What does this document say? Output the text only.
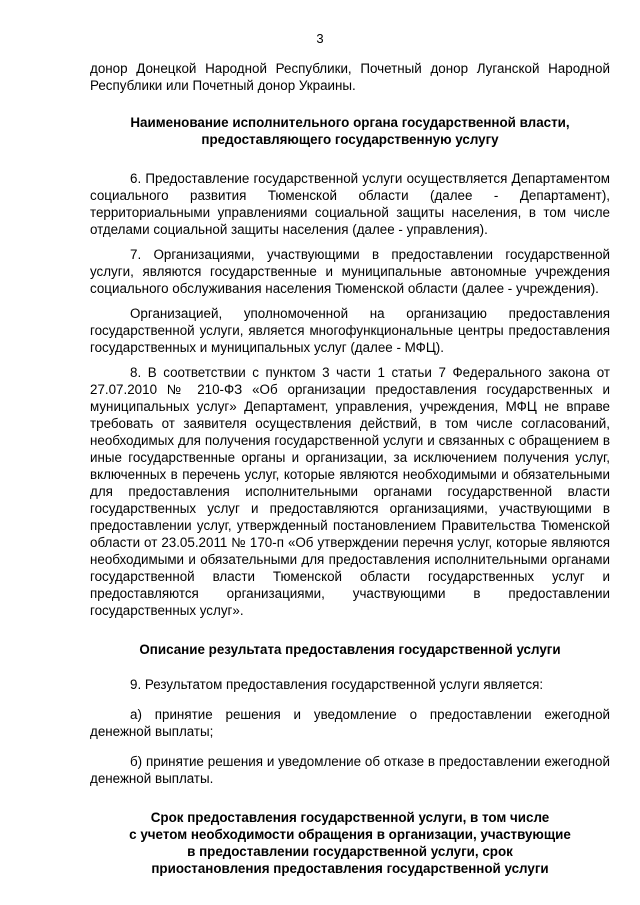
3

донор Донецкой Народной Республики, Почетный донор Луганской Народной Республики или Почетный донор Украины.

Наименование исполнительного органа государственной власти,
предоставляющего государственную услугу

6. Предоставление государственной услуги осуществляется Департаментом социального развития Тюменской области (далее - Департамент), территориальными управлениями социальной защиты населения, в том числе отделами социальной защиты населения (далее - управления).

7. Организациями, участвующими в предоставлении государственной услуги, являются государственные и муниципальные автономные учреждения социального обслуживания населения Тюменской области (далее - учреждения).

Организацией, уполномоченной на организацию предоставления государственной услуги, является многофункциональные центры предоставления государственных и муниципальных услуг (далее - МФЦ).

8. В соответствии с пунктом 3 части 1 статьи 7 Федерального закона от 27.07.2010 № 210-ФЗ «Об организации предоставления государственных и муниципальных услуг» Департамент, управления, учреждения, МФЦ не вправе требовать от заявителя осуществления действий, в том числе согласований, необходимых для получения государственной услуги и связанных с обращением в иные государственные органы и организации, за исключением получения услуг, включенных в перечень услуг, которые являются необходимыми и обязательными для предоставления исполнительными органами государственной власти государственных услуг и предоставляются организациями, участвующими в предоставлении услуг, утвержденный постановлением Правительства Тюменской области от 23.05.2011 № 170-п «Об утверждении перечня услуг, которые являются необходимыми и обязательными для предоставления исполнительными органами государственной власти Тюменской области государственных услуг и предоставляются организациями, участвующими в предоставлении государственных услуг».

Описание результата предоставления государственной услуги

9. Результатом предоставления государственной услуги является:

а) принятие решения и уведомление о предоставлении ежегодной денежной выплаты;

б) принятие решения и уведомление об отказе в предоставлении ежегодной денежной выплаты.

Срок предоставления государственной услуги, в том числе
с учетом необходимости обращения в организации, участвующие
в предоставлении государственной услуги, срок
приостановления предоставления государственной услуги
